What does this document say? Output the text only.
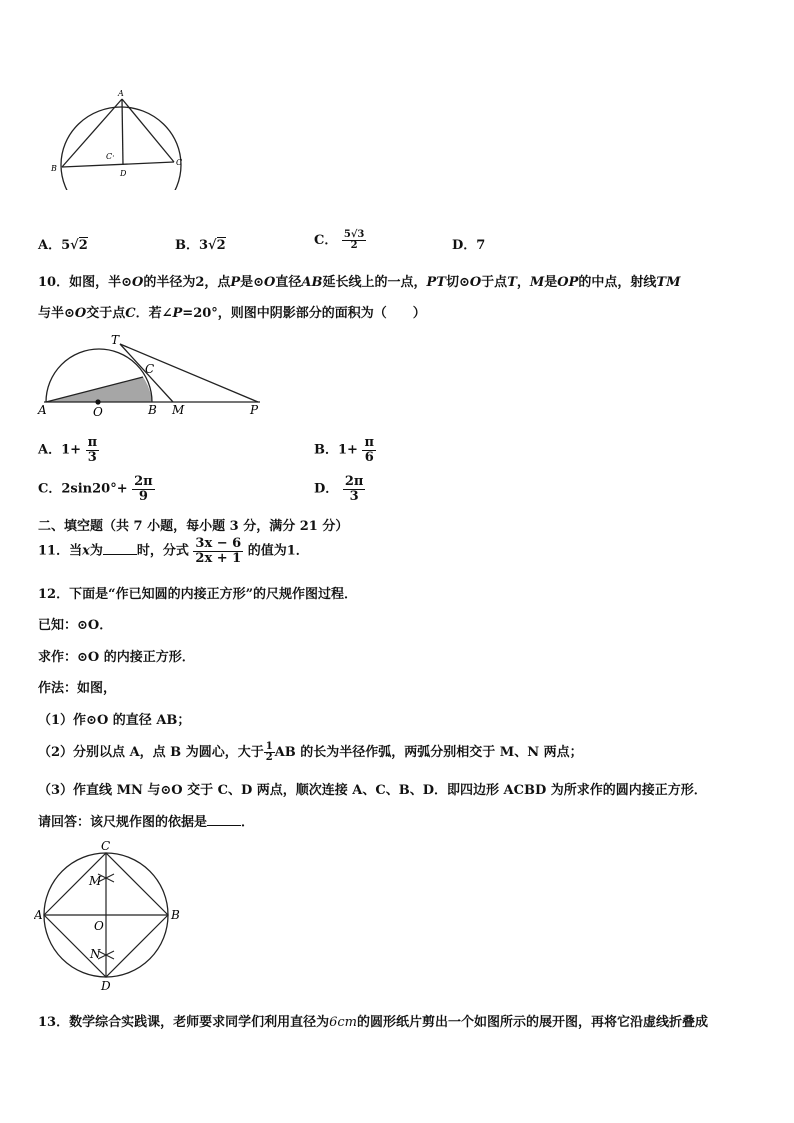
A
B
C
D
C·
A．5√2	B．3√2	C． $\frac{5√3}{2}$	D．7
10．如图，半⊙O的半径为2，点P是⊙O直径AB延长线上的一点，PT切⊙O于点T，M是OP的中点，射线TM
与半⊙O交于点C．若∠P=20°，则图中阴影部分的面积为（　　）
A	O	B M	P
T
C
A．$1+ \frac{\pi}{3}$	B．$1+ \frac{\pi}{6}$
C．$2\sin 20^\circ+ \frac{2\pi}{9}$	D． $\frac{2\pi}{3}$
二、填空题（共 7 小题，每小题 3 分，满分 21 分）
11．当x为	时，分式 $\frac{3x - 6}{2x + 1}$ 的值为1．
12．下面是“作已知圆的内接正方形”的尺规作图过程．
已知：⊙O．
求作：⊙O 的内接正方形．
作法：如图，
（1）作⊙O 的直径 AB；
（2）分别以点 A，点 B 为圆心，大于 $\frac{1}{2}$ AB 的长为半径作弧，两弧分别相交于 M、N 两点；
（3）作直线 MN 与⊙O 交于 C、D 两点，顺次连接 A、C、B、D．即四边形 ACBD 为所求作的圆内接正方形．
请回答：该尺规作图的依据是	．
C
M
A
O
B
N
D
13．数学综合实践课，老师要求同学们利用直径为6cm的圆形纸片剪出一个如图所示的展开图，再将它沿虚线折叠成
